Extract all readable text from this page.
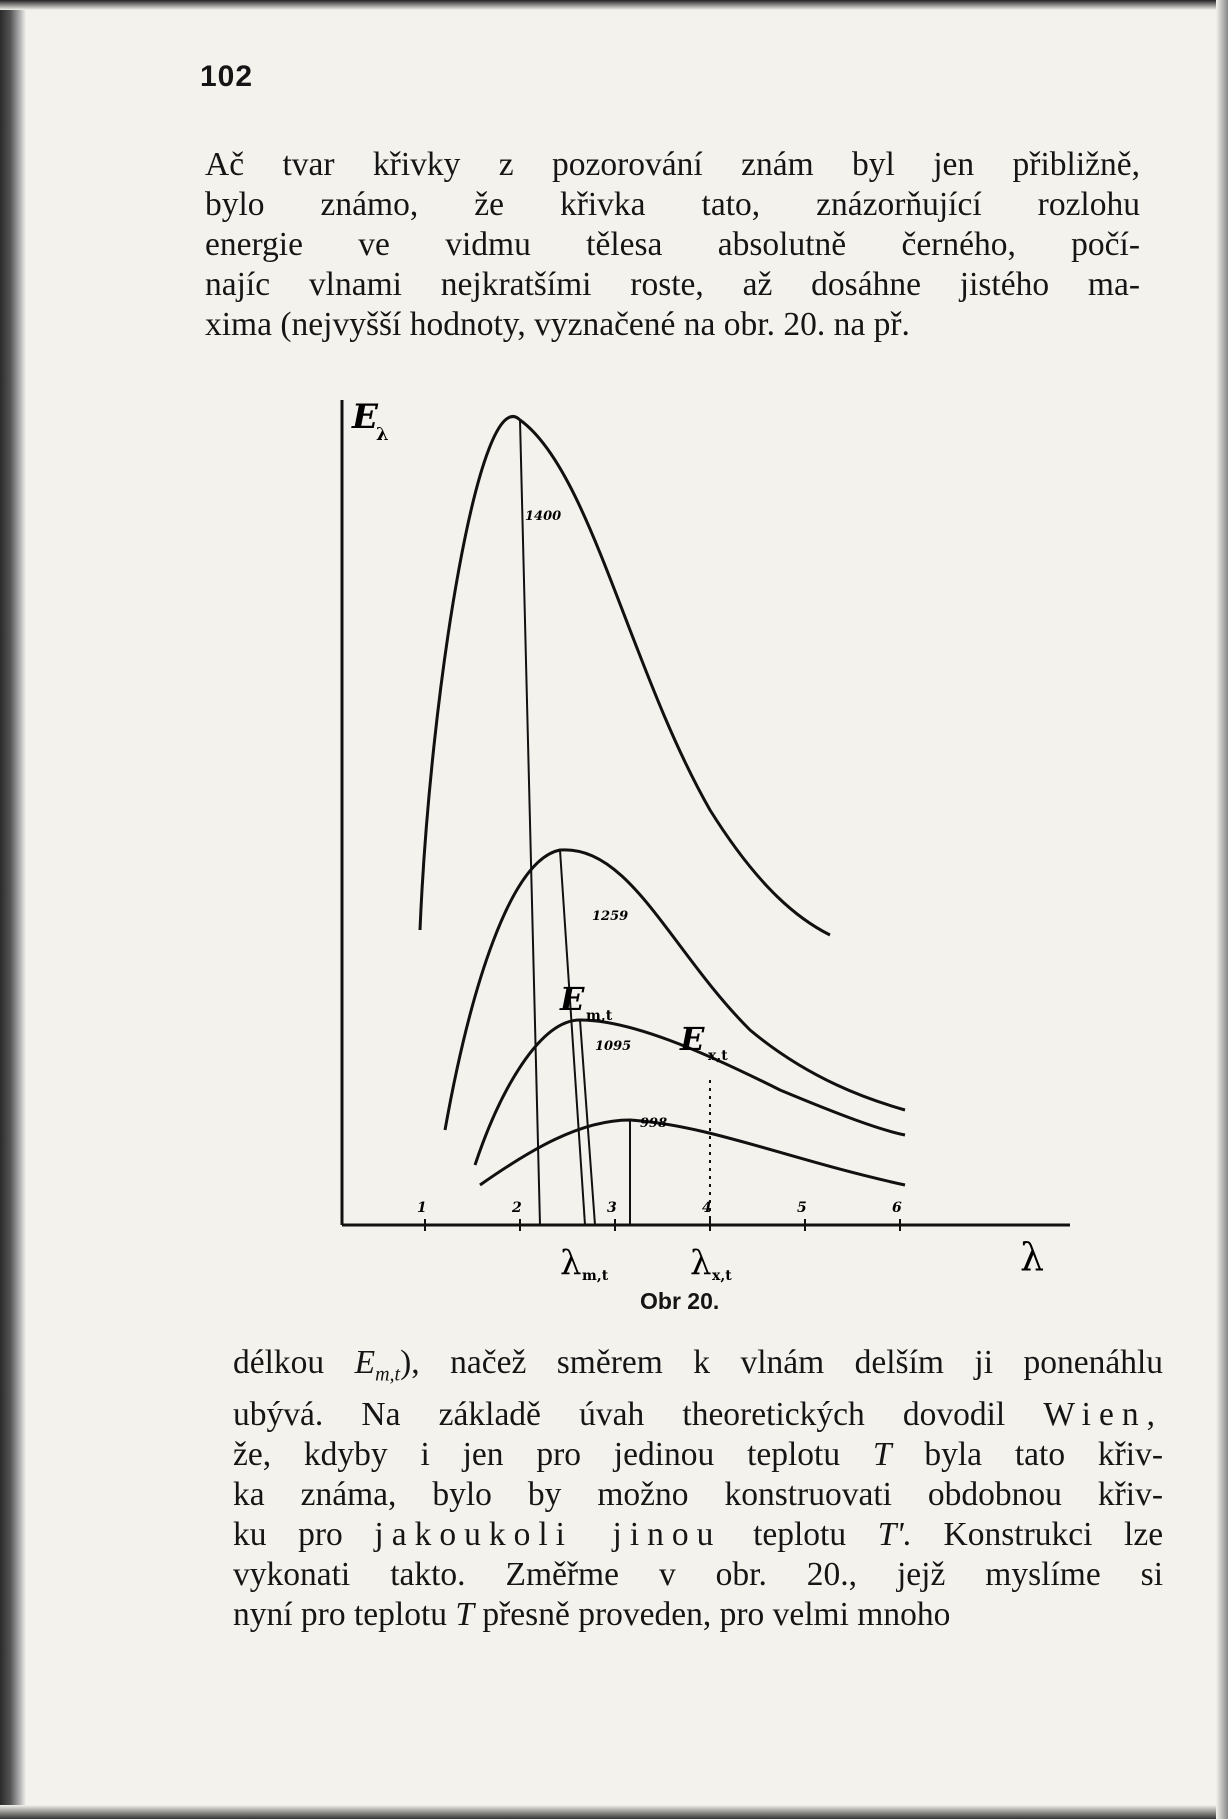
102
Ač tvar křivky z pozorování znám byl jen přibližně,
bylo známo, že křivka tato, znázorňující rozlohu
energie ve vidmu tělesa absolutně černého, počí-
najíc vlnami nejkratšími roste, až dosáhne jistého ma-
xima (nejvyšší hodnoty, vyznačené na obr. 20. na př.
E
λ
λ
1	2	3	4	5	6
1400
1259
1095
998
E m,t
E x,t
λ m,t λ x,t
Obr 20.
délkou $E_{m,t}$), načež směrem k vlnám delším ji ponenáhlu
ubývá. Na základě úvah theoretických dovodil Wien,
že, kdyby i jen pro jedinou teplotu T byla tato křiv-
ka známa, bylo by možno konstruovati obdobnou křiv-
ku pro jakoukoli jinou teplotu T'. Konstrukci lze
vykonati takto. Změřme v obr. 20., jejž myslíme si
nyní pro teplotu T přesně proveden, pro velmi mnoho
